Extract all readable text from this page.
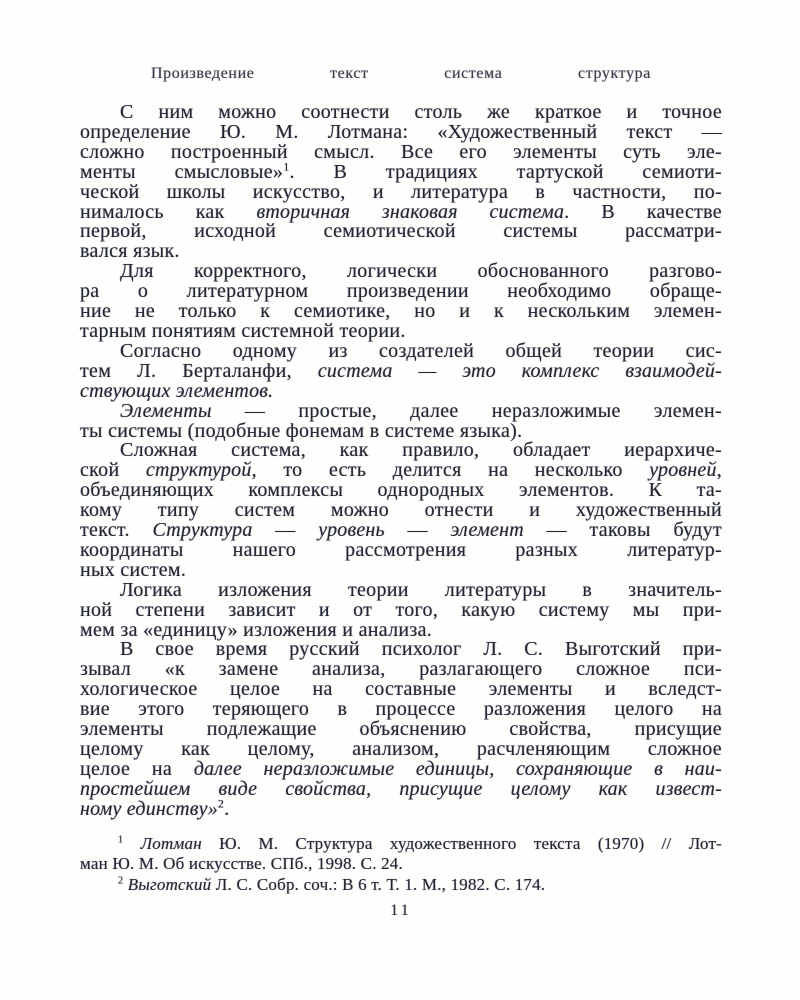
Произведение	текст	система	структура
С ним можно соотнести столь же краткое и точное
определение Ю. М. Лотмана: «Художественный текст —
сложно построенный смысл. Все его элементы суть эле-
менты смысловые»$^1$. В традициях тартуской семиоти-
ческой школы искусство, и литература в частности, по-
нималось как вторичная знаковая система. В качестве
первой, исходной семиотической системы рассматри-
вался язык.
Для корректного, логически обоснованного разгово-
ра о литературном произведении необходимо обраще-
ние не только к семиотике, но и к нескольким элемен-
тарным понятиям системной теории.
Согласно одному из создателей общей теории сис-
тем Л. Берталанфи, система — это комплекс взаимодей-
ствующих элементов.
Элементы — простые, далее неразложимые элемен-
ты системы (подобные фонемам в системе языка).
Сложная система, как правило, обладает иерархиче-
ской структурой, то есть делится на несколько уровней,
объединяющих комплексы однородных элементов. К та-
кому типу систем можно отнести и художественный
текст. Структура — уровень — элемент — таковы будут
координаты нашего рассмотрения разных литератур-
ных систем.
Логика изложения теории литературы в значитель-
ной степени зависит и от того, какую систему мы при-
мем за «единицу» изложения и анализа.
В свое время русский психолог Л. С. Выготский при-
зывал «к замене анализа, разлагающего сложное пси-
хологическое целое на составные элементы и вследст-
вие этого теряющего в процессе разложения целого на
элементы подлежащие объяснению свойства, присущие
целому как целому, анализом, расчленяющим сложное
целое на далее неразложимые единицы, сохраняющие в наи-
простейшем виде свойства, присущие целому как извест-
ному единству»$^2$.
$^1$ Лотман Ю. М. Структура художественного текста (1970) // Лот-
ман Ю. М. Об искусстве. СПб., 1998. С. 24.
$^2$ Выготский Л. С. Собр. соч.: В 6 т. Т. 1. М., 1982. С. 174.
11
